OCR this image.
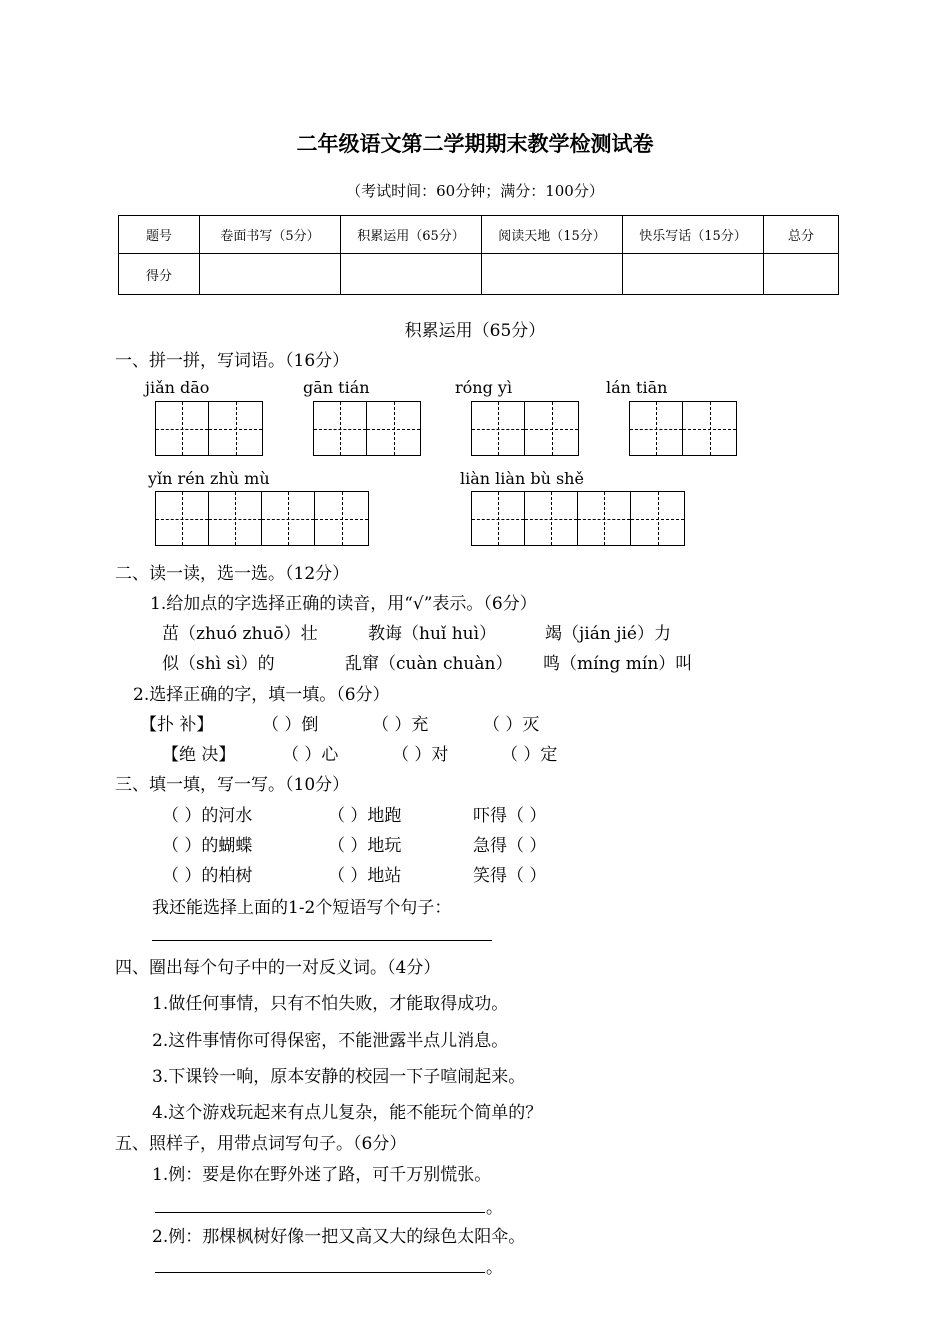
二年级语文第二学期期末教学检测试卷
（考试时间：60分钟；满分：100分）
题号	卷面书写（5分）	积累运用（65分）	阅读天地（15分）	快乐写话（15分）	总分
得分					
积累运用（65分）
一、拼一拼，写词语。（16分）
jiǎn dāo	gān tián	róng yì	lán tiān
yǐn rén zhù mù	liàn liàn bù shě
二、读一读，选一选。（12分）
1.给加点的字选择正确的读音，用“√”表示。（6分）
茁（zhuó zhuō）壮	教诲（huǐ huì）	竭（jián jié）力
似（shì sì）的	乱窜（cuàn chuàn） 鸣（míng mín）叫
2.选择正确的字，填一填。（6分）
【扑 补】	（ ）倒	（ ）充	（ ）灭
【绝 决】	（ ）心	（ ）对	（ ）定
三、填一填，写一写。（10分）
（ ）的河水	（ ）地跑	吓得（ ）
（ ）的蝴蝶	（ ）地玩	急得（ ）
（ ）的柏树	（ ）地站	笑得（ ）
我还能选择上面的1-2个短语写个句子：
四、圈出每个句子中的一对反义词。（4分）
1.做任何事情，只有不怕失败，才能取得成功。
2.这件事情你可得保密，不能泄露半点儿消息。
3.下课铃一响，原本安静的校园一下子喧闹起来。
4.这个游戏玩起来有点儿复杂，能不能玩个简单的？
五、照样子，用带点词写句子。（6分）
1.例：要是你在野外迷了路，可千万别慌张。
。
2.例：那棵枫树好像一把又高又大的绿色太阳伞。
。
